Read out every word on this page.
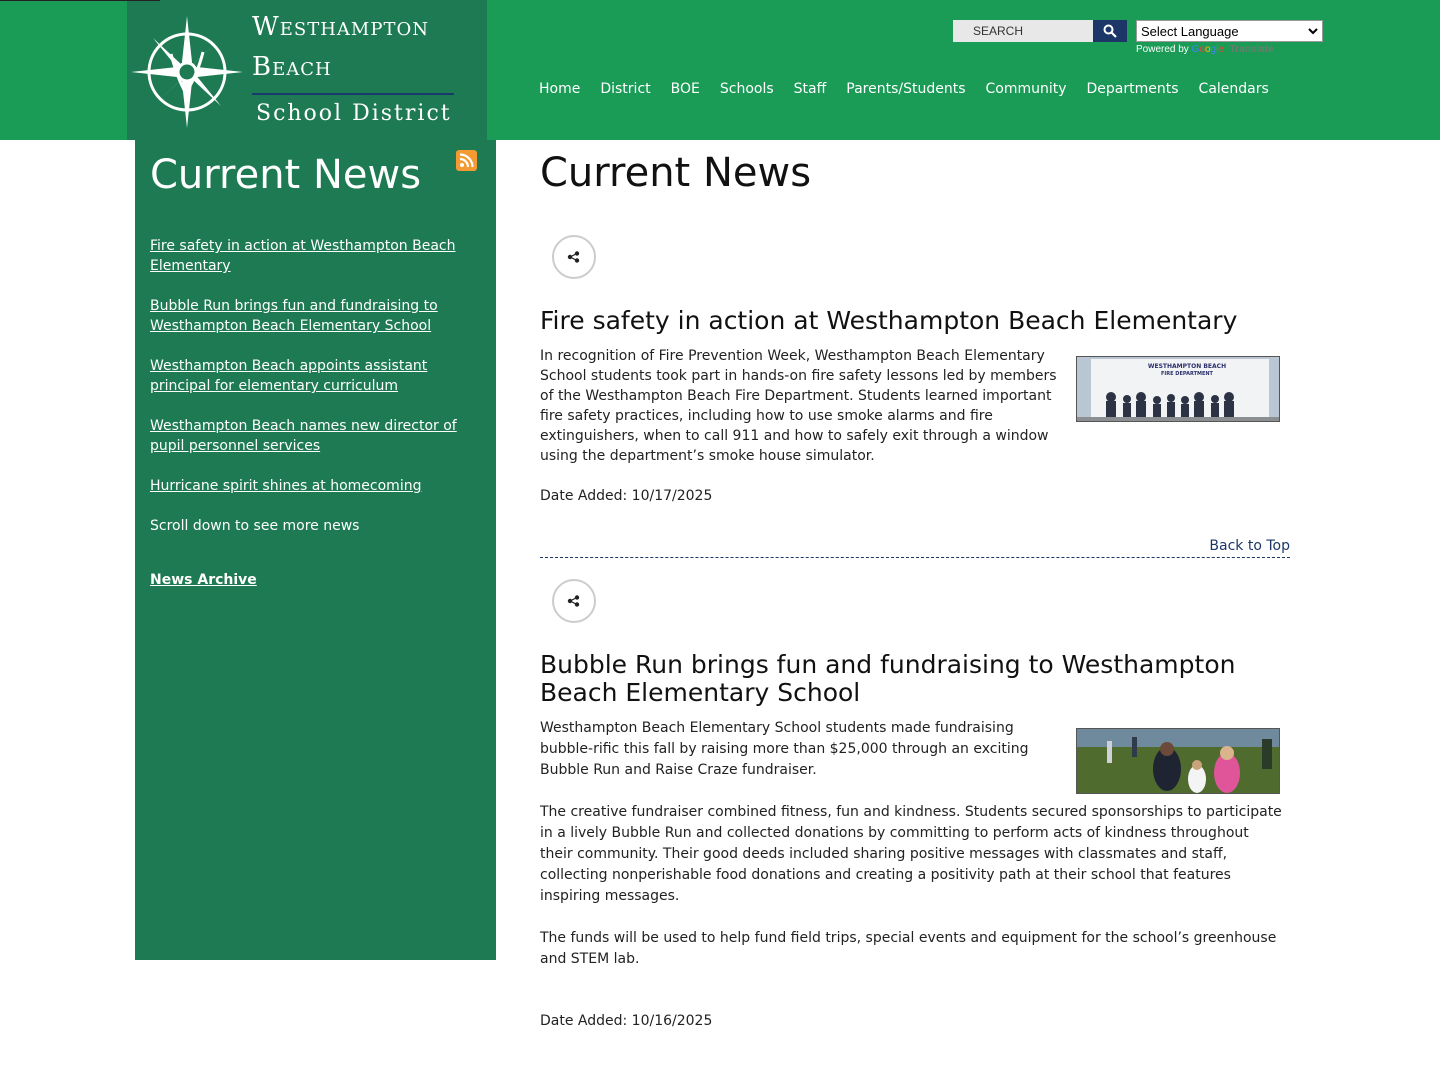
Westhampton
Beach
School District
SEARCH	Select Language
Powered by Google Translate
Home	District	BOE	Schools	Staff	Parents/Students	Community	Departments	Calendars
Current News
Fire safety in action at Westhampton Beach Elementary
Bubble Run brings fun and fundraising to Westhampton Beach Elementary School
Westhampton Beach appoints assistant principal for elementary curriculum
Westhampton Beach names new director of pupil personnel services
Hurricane spirit shines at homecoming
Scroll down to see more news
News Archive
Current News
Fire safety in action at Westhampton Beach Elementary

In recognition of Fire Prevention Week, Westhampton Beach Elementary School students took part in hands-on fire safety lessons led by members of the Westhampton Beach Fire Department. Students learned important fire safety practices, including how to use smoke alarms and fire extinguishers, when to call 911 and how to safely exit through a window using the department’s smoke house simulator.

WESTHAMPTON BEACH
FIRE DEPARTMENT
Date Added: 10/17/2025
Back to Top
Bubble Run brings fun and fundraising to Westhampton Beach Elementary School

Westhampton Beach Elementary School students made fundraising bubble-rific this fall by raising more than $25,000 through an exciting Bubble Run and Raise Craze fundraiser.

The creative fundraiser combined fitness, fun and kindness. Students secured sponsorships to participate in a lively Bubble Run and collected donations by committing to perform acts of kindness throughout their community. Their good deeds included sharing positive messages with classmates and staff, collecting nonperishable food donations and creating a positivity path at their school that features inspiring messages.

The funds will be used to help fund field trips, special events and equipment for the school’s greenhouse and STEM lab.

Date Added: 10/16/2025
